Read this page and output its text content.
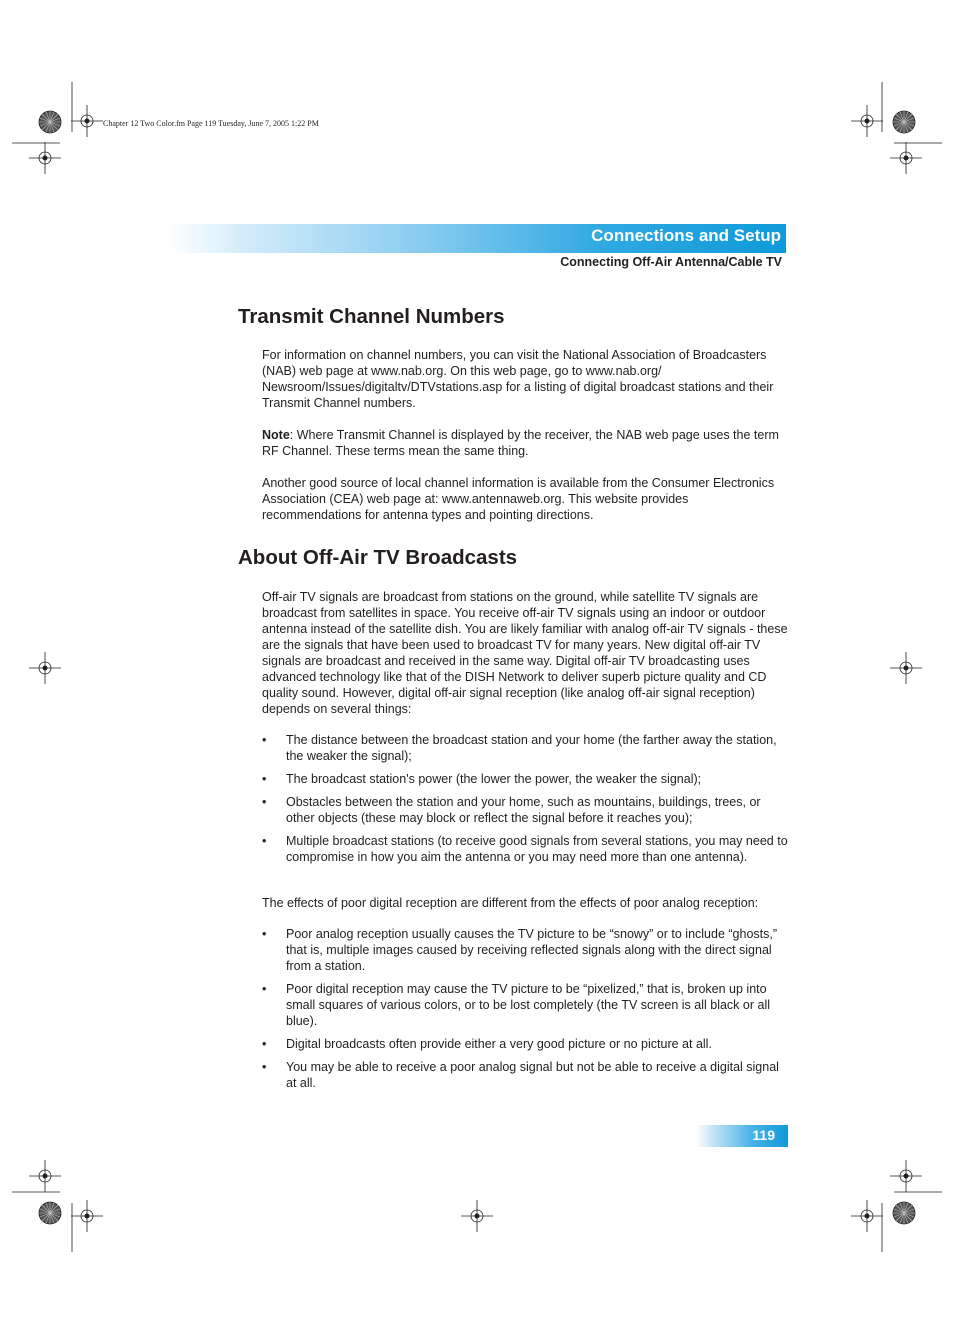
Chapter 12 Two Color.fm Page 119 Tuesday, June 7, 2005 1:22 PM
Connections and Setup
Connecting Off-Air Antenna/Cable TV
Transmit Channel Numbers

For information on channel numbers, you can visit the National Association of Broadcasters (NAB) web page at www.nab.org. On this web page, go to www.nab.org/ Newsroom/Issues/digitaltv/DTVstations.asp for a listing of digital broadcast stations and their Transmit Channel numbers.

Note: Where Transmit Channel is displayed by the receiver, the NAB web page uses the term RF Channel. These terms mean the same thing.

Another good source of local channel information is available from the Consumer Electronics Association (CEA) web page at: www.antennaweb.org. This website provides recommendations for antenna types and pointing directions.

About Off-Air TV Broadcasts

Off-air TV signals are broadcast from stations on the ground, while satellite TV signals are broadcast from satellites in space. You receive off-air TV signals using an indoor or outdoor antenna instead of the satellite dish. You are likely familiar with analog off-air TV signals - these are the signals that have been used to broadcast TV for many years. New digital off-air TV signals are broadcast and received in the same way. Digital off-air TV broadcasting uses advanced technology like that of the DISH Network to deliver superb picture quality and CD quality sound. However, digital off-air signal reception (like analog off-air signal reception) depends on several things:

• The distance between the broadcast station and your home (the farther away the station, the weaker the signal);
• The broadcast station's power (the lower the power, the weaker the signal);
• Obstacles between the station and your home, such as mountains, buildings, trees, or other objects (these may block or reflect the signal before it reaches you);
• Multiple broadcast stations (to receive good signals from several stations, you may need to compromise in how you aim the antenna or you may need more than one antenna).

The effects of poor digital reception are different from the effects of poor analog reception:

• Poor analog reception usually causes the TV picture to be “snowy” or to include “ghosts,” that is, multiple images caused by receiving reflected signals along with the direct signal from a station.
• Poor digital reception may cause the TV picture to be “pixelized,” that is, broken up into small squares of various colors, or to be lost completely (the TV screen is all black or all blue).
• Digital broadcasts often provide either a very good picture or no picture at all.
• You may be able to receive a poor analog signal but not be able to receive a digital signal at all.
119
